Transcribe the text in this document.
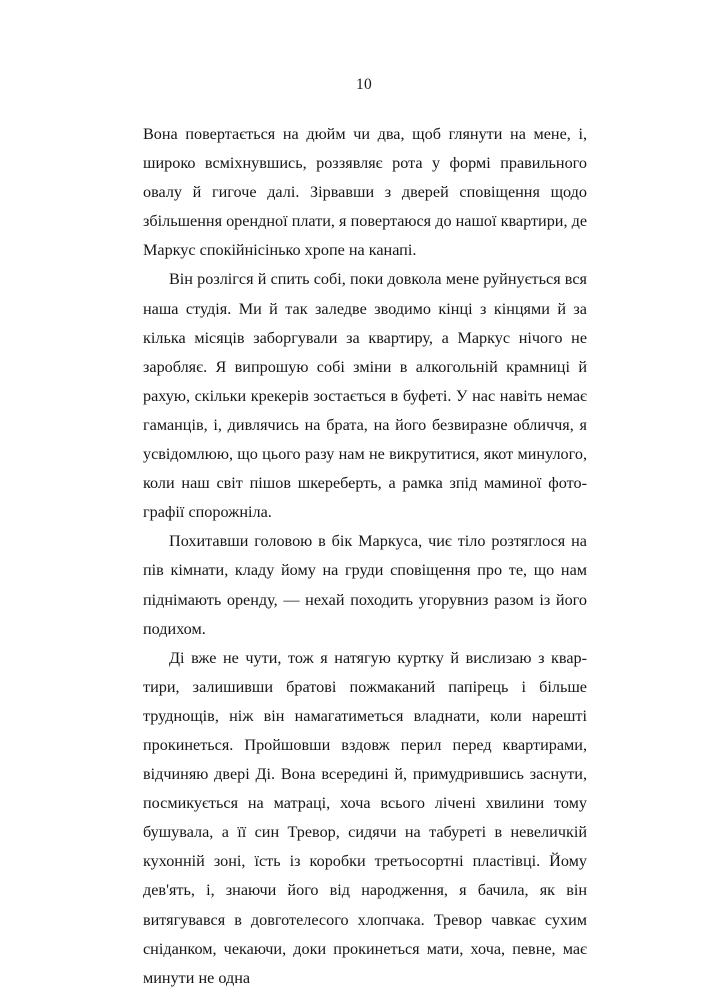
10

Вона повертається на дюйм чи два, щоб глянути на мене, і, широко всміхнувшись, роззявляє рота у формі правильного овалу й гигоче далі. Зірвавши з дверей сповіщення щодо збільшення орендної плати, я повертаюся до нашої квартири, де Маркус спокійнісінько хропе на канапі.

Він розлігся й спить собі, поки довкола мене руйнується вся наша студія. Ми й так заледве зводимо кінці з кінцями й за кілька місяців заборгували за квартиру, а Маркус нічого не заробляє. Я випрошую собі зміни в алкогольній крамниці й рахую, скільки крекерів зостається в буфеті. У нас навіть немає гаманців, і, дивлячись на брата, на його безвиразне обличчя, я усвідомлюю, що цього разу нам не викрутитися, якот минулого, коли наш світ пішов шкереберть, а рамка зпід маминої фотографії спорожніла.

Похитавши головою в бік Маркуса, чиє тіло розтяглося на пів кімнати, кладу йому на груди сповіщення про те, що нам піднімають оренду, — нехай походить угорувниз разом із його подихом.

Ді вже не чути, тож я натягую куртку й вислизаю з квартири, залишивши братові пожмаканий папірець і більше труднощів, ніж він намагатиметься владнати, коли нарешті прокинеться. Пройшовши вздовж перил перед квартирами, відчиняю двері Ді. Вона всередині й, примудрившись заснути, посмикується на матраці, хоча всього лічені хвилини тому бушувала, а її син Тревор, сидячи на табуреті в невеличкій кухонній зоні, їсть із коробки третьосортні пластівці. Йому дев'ять, і, знаючи його від народження, я бачила, як він витягувався в довготелесого хлопчака. Тревор чавкає сухим сніданком, чекаючи, доки прокинеться мати, хоча, певне, має минути не одна
